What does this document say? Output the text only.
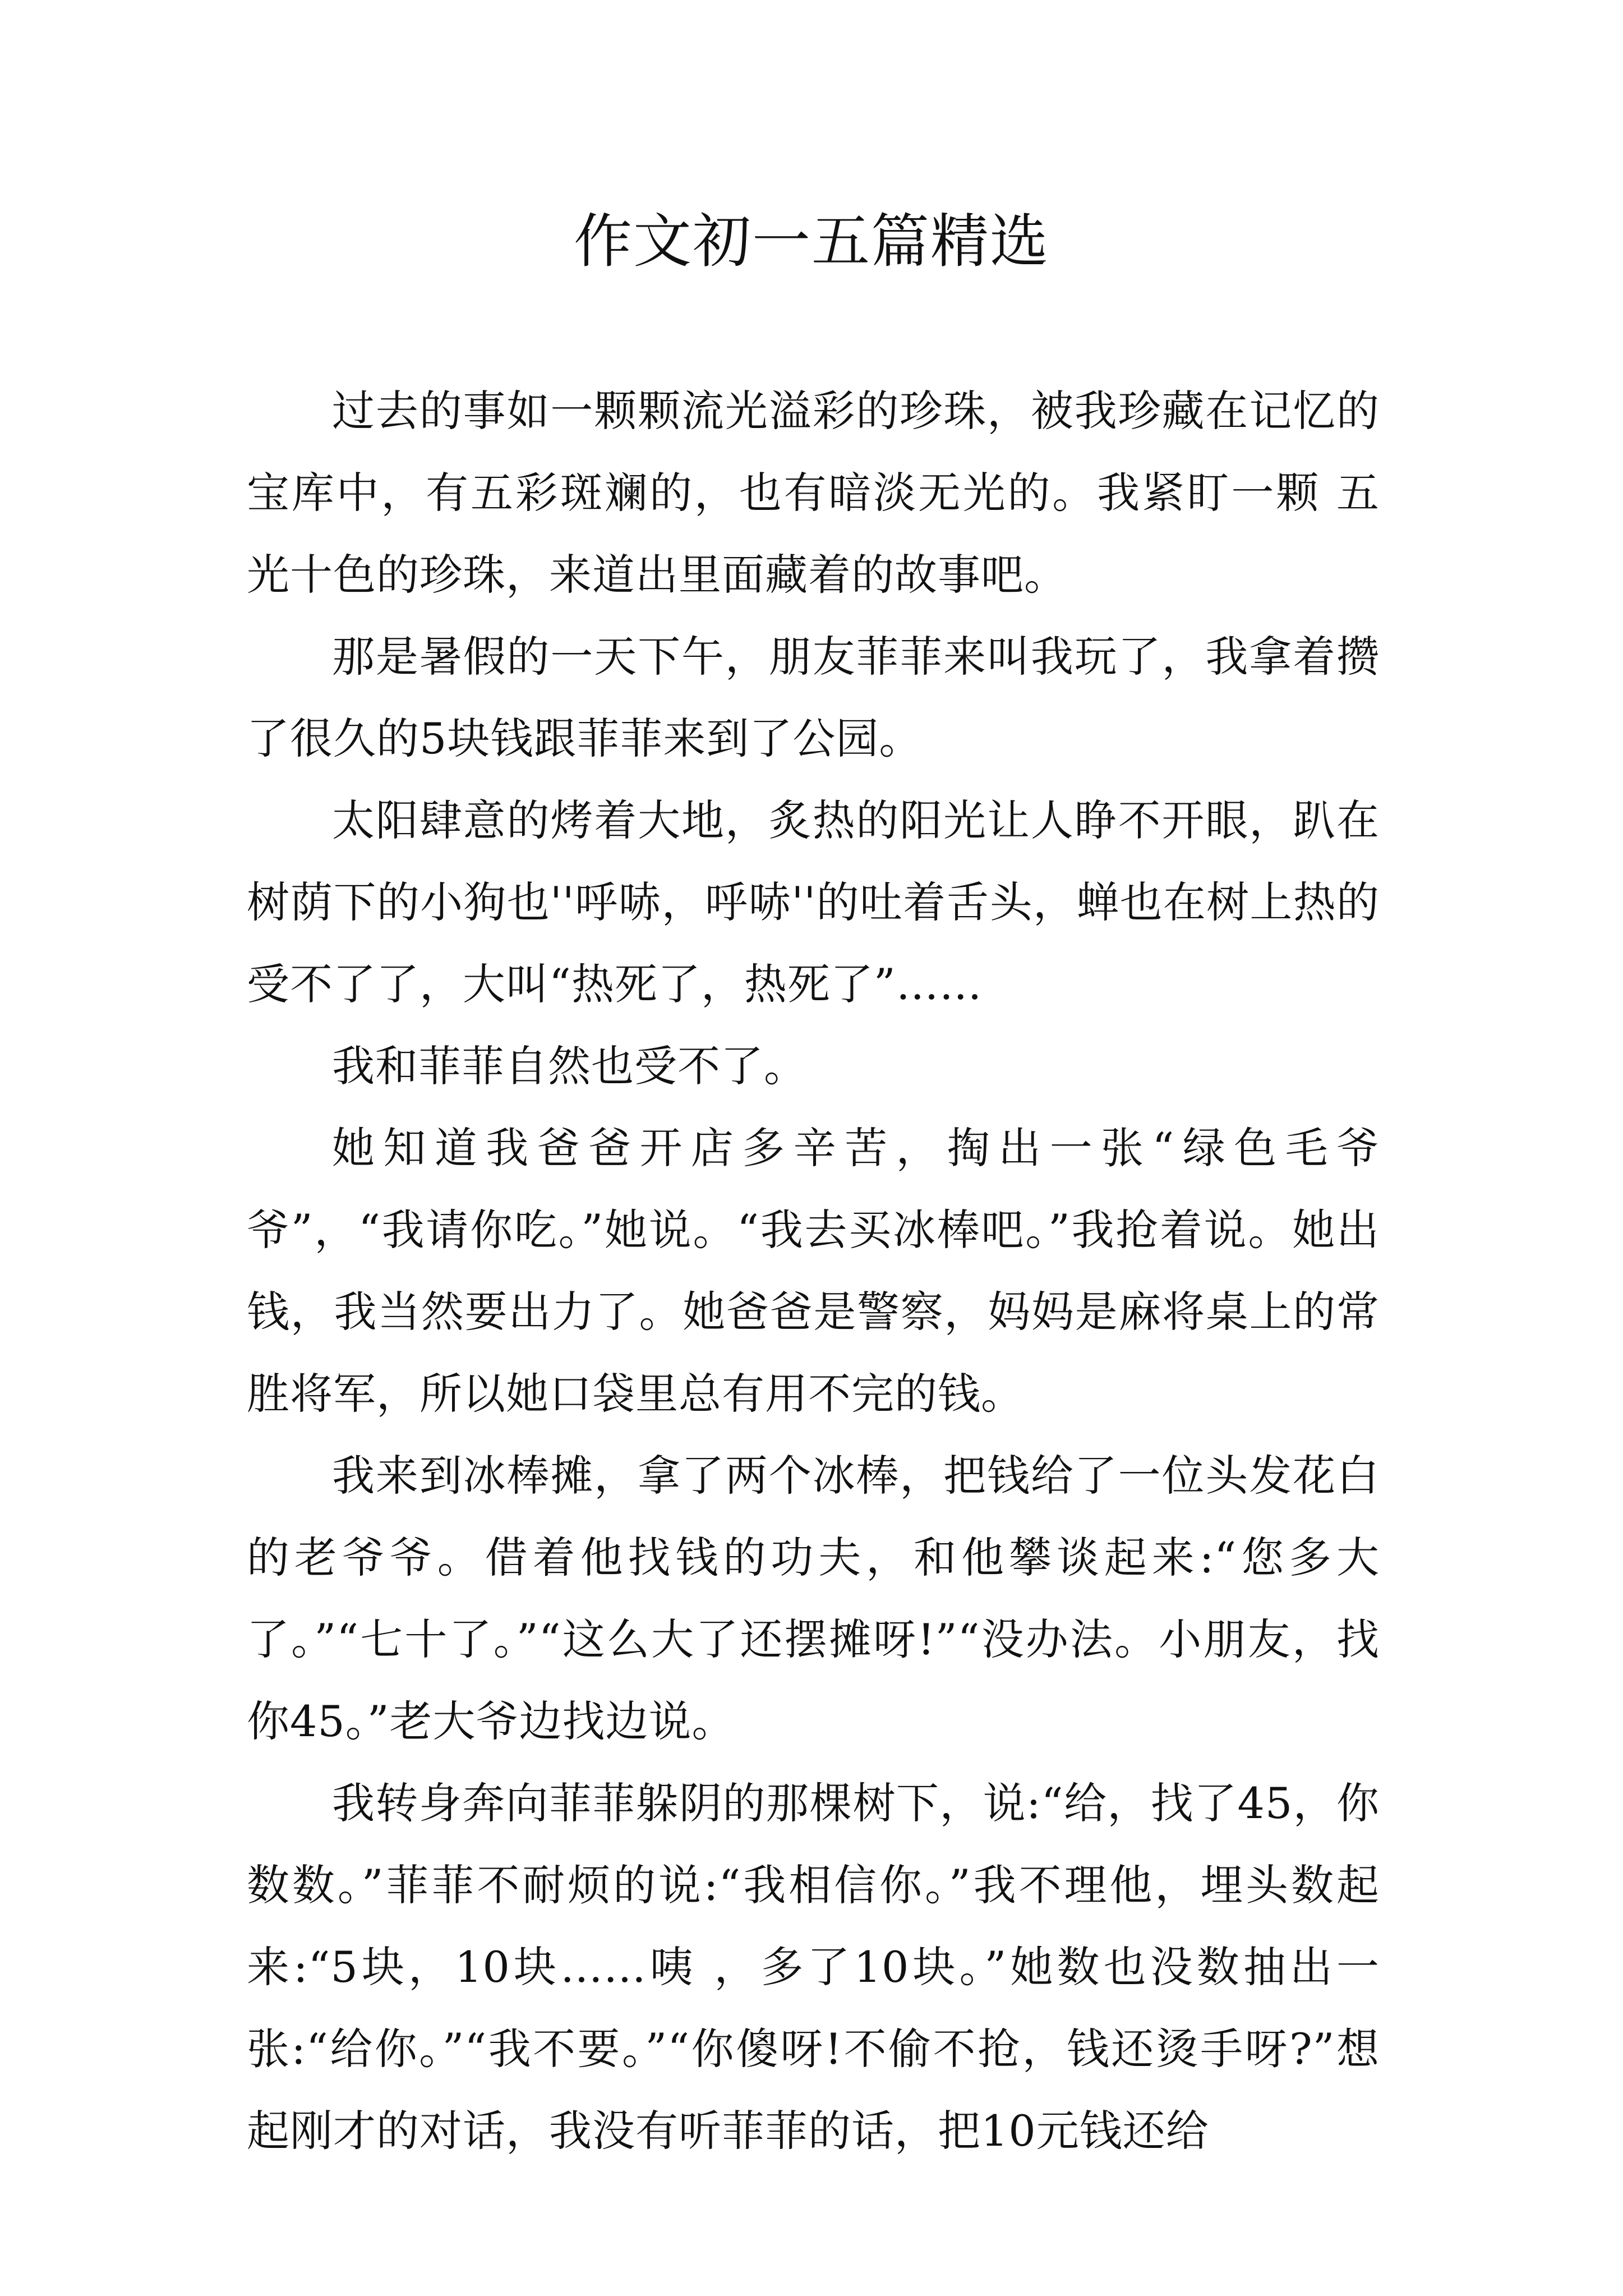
作文初一五篇精选

过去的事如一颗颗流光溢彩的珍珠，被我珍藏在记忆的宝库中，有五彩斑斓的，也有暗淡无光的。我紧盯一颗 五光十色的珍珠，来道出里面藏着的故事吧。

那是暑假的一天下午，朋友菲菲来叫我玩了，我拿着攒了很久的5块钱跟菲菲来到了公园。

太阳肆意的烤着大地，炙热的阳光让人睁不开眼，趴在树荫下的小狗也''呼哧，呼哧''的吐着舌头，蝉也在树上热的受不了了，大叫“热死了，热死了”……

我和菲菲自然也受不了。

她知道我爸爸开店多辛苦，掏出一张“绿色毛爷爷”，“我请你吃。”她说。“我去买冰棒吧。”我抢着说。她出钱，我当然要出力了。她爸爸是警察，妈妈是麻将桌上的常胜将军，所以她口袋里总有用不完的钱。

我来到冰棒摊，拿了两个冰棒，把钱给了一位头发花白的老爷爷。借着他找钱的功夫，和他攀谈起来:“您多大了。”“七十了。”“这么大了还摆摊呀!”“没办法。小朋友，找你45。”老大爷边找边说。

我转身奔向菲菲躲阴的那棵树下，说:“给，找了45，你数数。”菲菲不耐烦的说:“我相信你。”我不理他，埋头数起来:“5块，10块……咦 ，多了10块。”她数也没数抽出一张:“给你。”“我不要。”“你傻呀!不偷不抢，钱还烫手呀?”想起刚才的对话，我没有听菲菲的话，把10元钱还给
